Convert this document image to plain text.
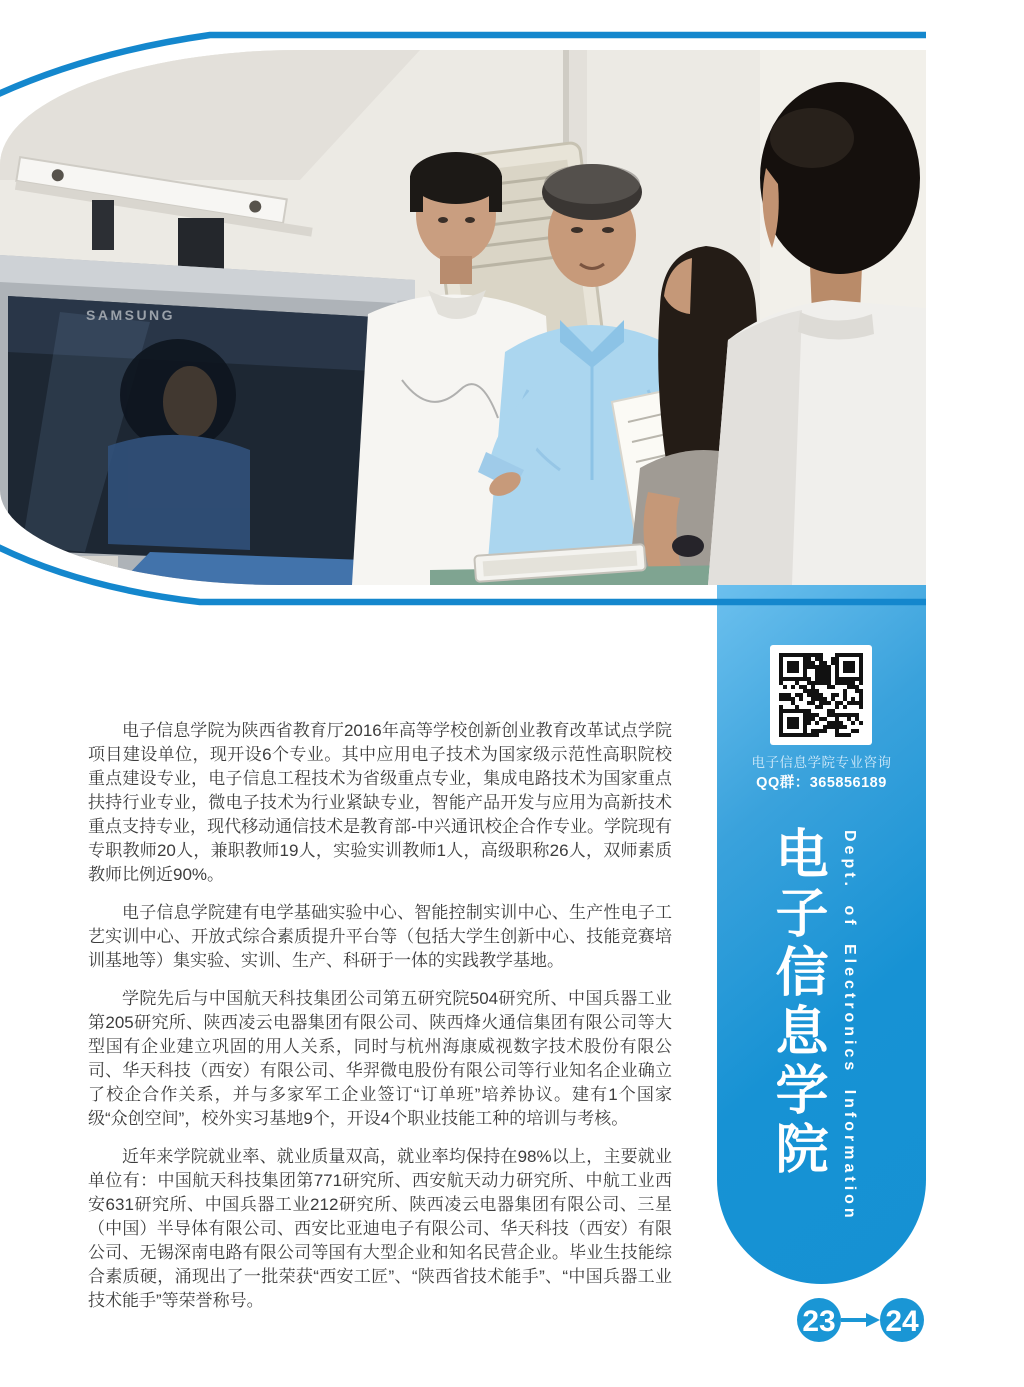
SAMSUNG
电子信息学院专业咨询
QQ群：365856189
电子信息学院 Dept. of Electronics Information

电子信息学院为陕西省教育厅2016年高等学校创新创业教育改革试点学院项目建设单位，现开设6个专业。其中应用电子技术为国家级示范性高职院校重点建设专业，电子信息工程技术为省级重点专业，集成电路技术为国家重点扶持行业专业，微电子技术为行业紧缺专业，智能产品开发与应用为高新技术重点支持专业，现代移动通信技术是教育部-中兴通讯校企合作专业。学院现有专职教师20人，兼职教师19人，实验实训教师1人，高级职称26人，双师素质教师比例近90%。

电子信息学院建有电学基础实验中心、智能控制实训中心、生产性电子工艺实训中心、开放式综合素质提升平台等（包括大学生创新中心、技能竞赛培训基地等）集实验、实训、生产、科研于一体的实践教学基地。

学院先后与中国航天科技集团公司第五研究院504研究所、中国兵器工业第205研究所、陕西凌云电器集团有限公司、陕西烽火通信集团有限公司等大型国有企业建立巩固的用人关系，同时与杭州海康威视数字技术股份有限公司、华天科技（西安）有限公司、华羿微电股份有限公司等行业知名企业确立了校企合作关系，并与多家军工企业签订“订单班”培养协议。建有1个国家级“众创空间”，校外实习基地9个，开设4个职业技能工种的培训与考核。

近年来学院就业率、就业质量双高，就业率均保持在98%以上，主要就业单位有：中国航天科技集团第771研究所、西安航天动力研究所、中航工业西安631研究所、中国兵器工业212研究所、陕西凌云电器集团有限公司、三星（中国）半导体有限公司、西安比亚迪电子有限公司、华天科技（西安）有限公司、无锡深南电路有限公司等国有大型企业和知名民营企业。毕业生技能综合素质硬，涌现出了一批荣获“西安工匠”、“陕西省技术能手”、“中国兵器工业技术能手”等荣誉称号。

23 24
